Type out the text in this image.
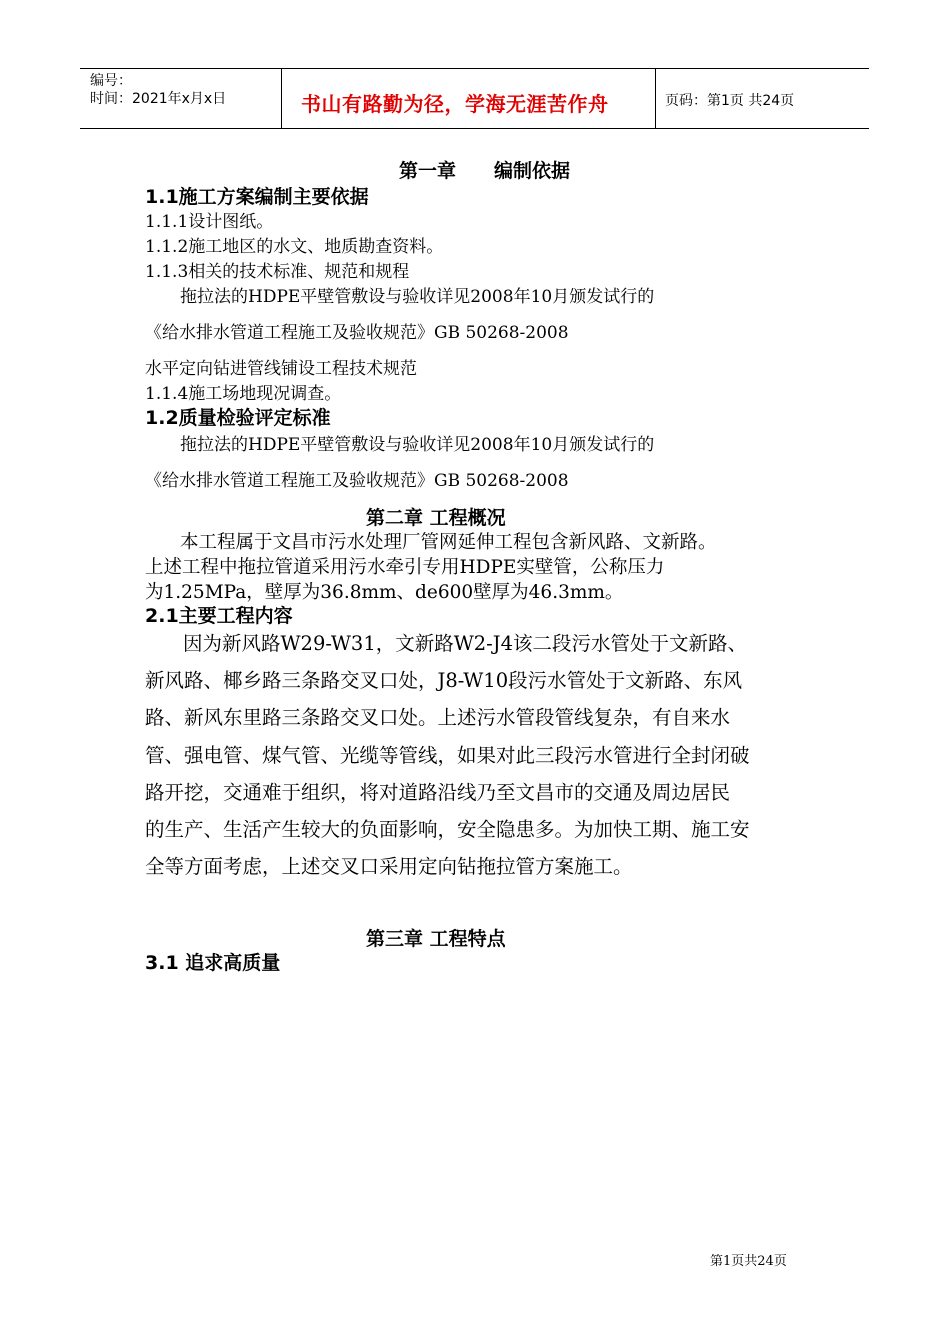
编号：
时间：2021年x月x日	书山有路勤为径，学海无涯苦作舟	页码：第1页 共24页
第一章　　编制依据
1.1施工方案编制主要依据
1.1.1设计图纸。
1.1.2施工地区的水文、地质勘查资料。
1.1.3相关的技术标准、规范和规程
拖拉法的HDPE平壁管敷设与验收详见2008年10月颁发试行的
《给水排水管道工程施工及验收规范》GB 50268-2008
水平定向钻进管线铺设工程技术规范
1.1.4施工场地现况调查。
1.2质量检验评定标准
拖拉法的HDPE平壁管敷设与验收详见2008年10月颁发试行的
《给水排水管道工程施工及验收规范》GB 50268-2008
第二章 工程概况
本工程属于文昌市污水处理厂管网延伸工程包含新风路、文新路。
上述工程中拖拉管道采用污水牵引专用HDPE实壁管，公称压力
为1.25MPa，壁厚为36.8mm、de600壁厚为46.3mm。
2.1主要工程内容
因为新风路W29-W31，文新路W2-J4该二段污水管处于文新路、
新风路、椰乡路三条路交叉口处，J8-W10段污水管处于文新路、东风
路、新风东里路三条路交叉口处。上述污水管段管线复杂，有自来水
管、强电管、煤气管、光缆等管线，如果对此三段污水管进行全封闭破
路开挖，交通难于组织，将对道路沿线乃至文昌市的交通及周边居民
的生产、生活产生较大的负面影响，安全隐患多。为加快工期、施工安
全等方面考虑，上述交叉口采用定向钻拖拉管方案施工。
第三章 工程特点
3.1 追求高质量
第1页共24页
